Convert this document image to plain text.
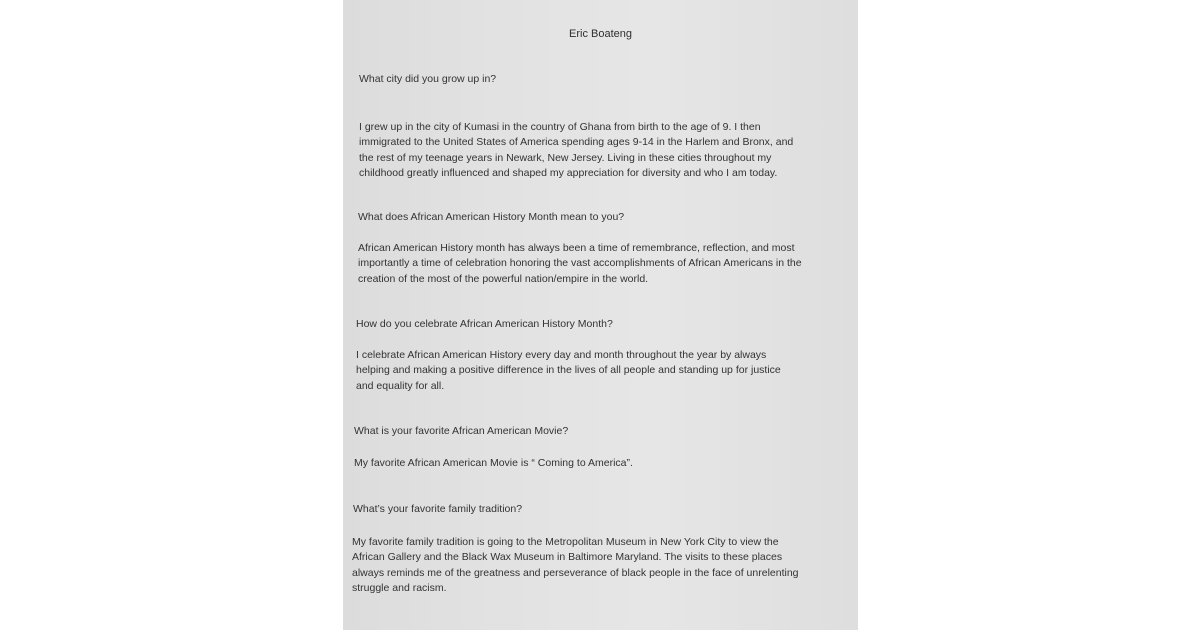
Eric Boateng

What city did you grow up in?

I grew up in the city of Kumasi in the country of Ghana from birth to the age of 9. I then
immigrated to the United States of America spending ages 9-14 in the Harlem and Bronx, and
the rest of my teenage years in Newark, New Jersey. Living in these cities throughout my
childhood greatly influenced and shaped my appreciation for diversity and who I am today.

What does African American History Month mean to you?

African American History month has always been a time of remembrance, reflection, and most
importantly a time of celebration honoring the vast accomplishments of African Americans in the
creation of the most of the powerful nation/empire in the world.

How do you celebrate African American History Month?

I celebrate African American History every day and month throughout the year by always
helping and making a positive difference in the lives of all people and standing up for justice
and equality for all.

What is your favorite African American Movie?

My favorite African American Movie is “ Coming to America”.

What’s your favorite family tradition?

My favorite family tradition is going to the Metropolitan Museum in New York City to view the
African Gallery and the Black Wax Museum in Baltimore Maryland. The visits to these places
always reminds me of the greatness and perseverance of black people in the face of unrelenting
struggle and racism.
